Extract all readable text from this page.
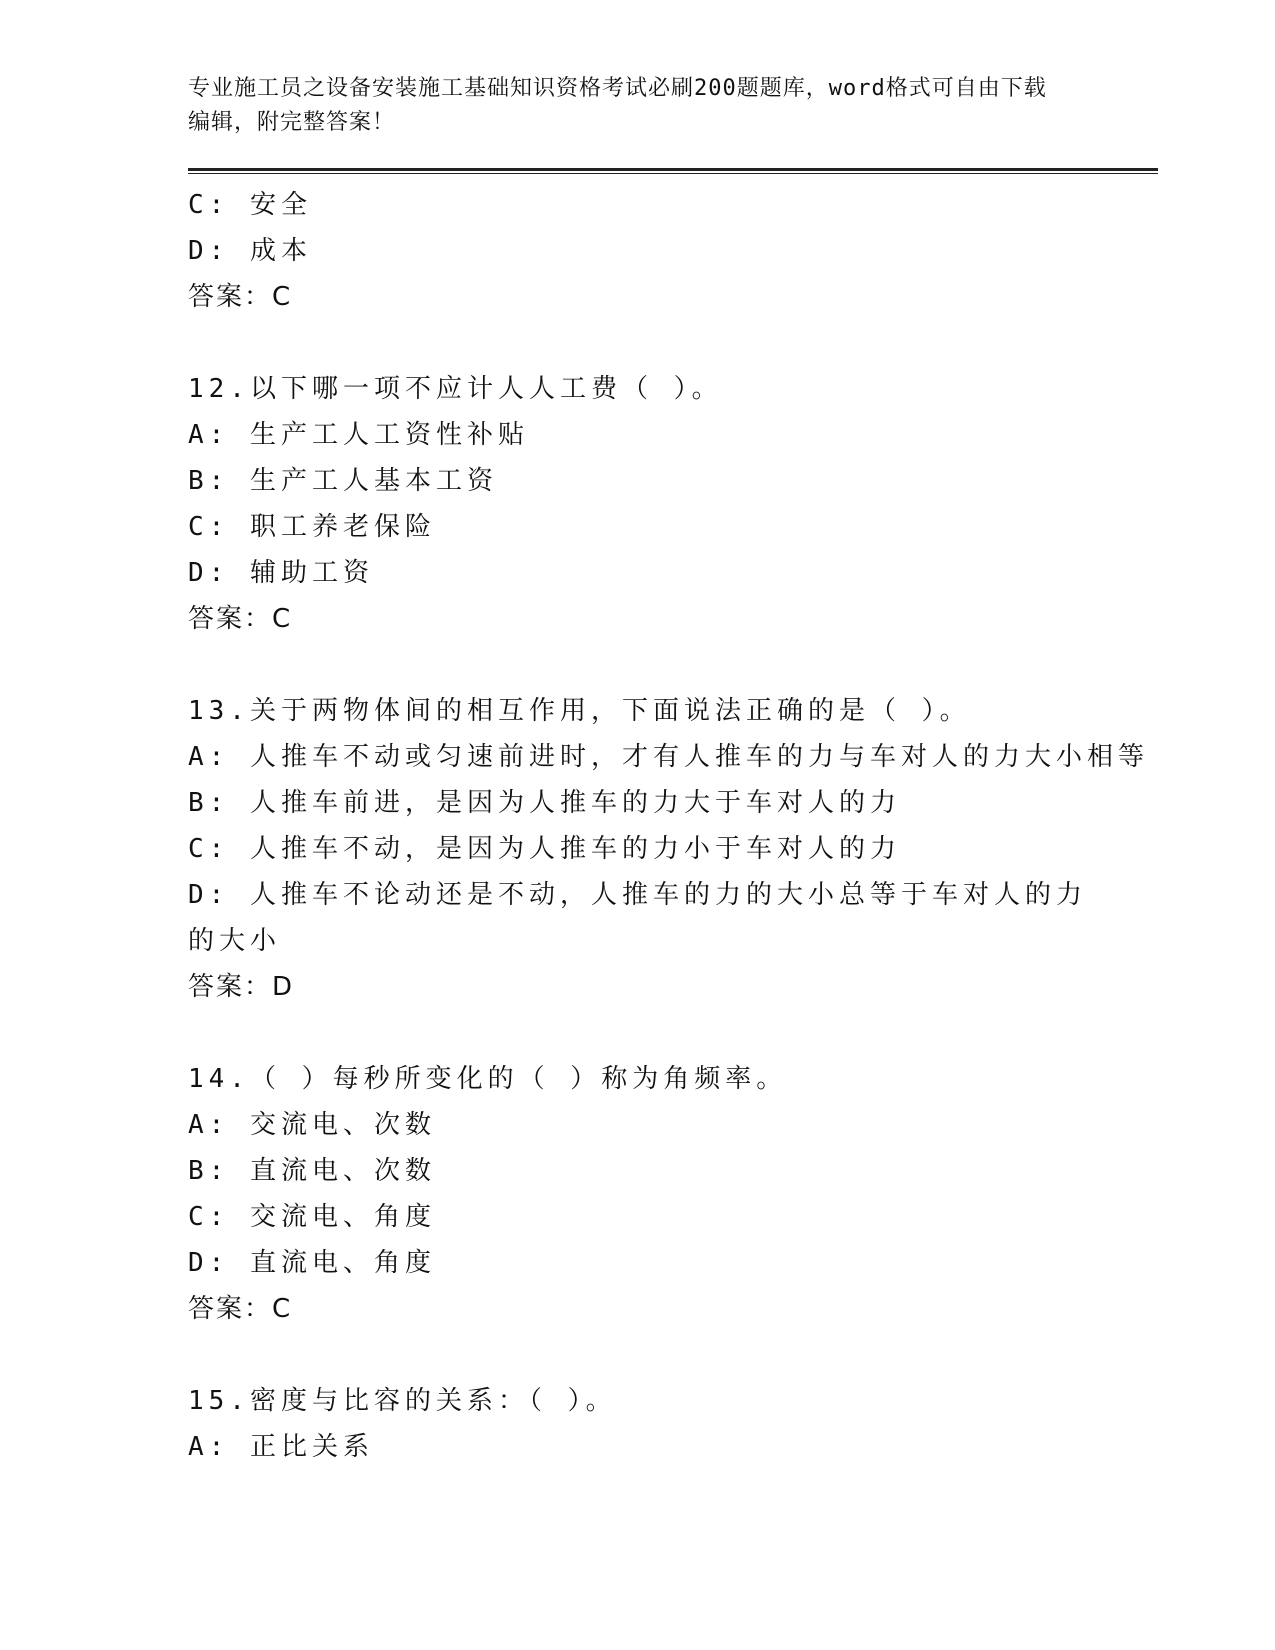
专业施工员之设备安装施工基础知识资格考试必刷200题题库，word格式可自由下载编辑，附完整答案！
C: 安全
D: 成本
答案：C
12.以下哪一项不应计人人工费（ ）。
A: 生产工人工资性补贴
B: 生产工人基本工资
C: 职工养老保险
D: 辅助工资
答案：C
13.关于两物体间的相互作用，下面说法正确的是（ ）。
A: 人推车不动或匀速前进时，才有人推车的力与车对人的力大小相等
B: 人推车前进，是因为人推车的力大于车对人的力
C: 人推车不动，是因为人推车的力小于车对人的力
D: 人推车不论动还是不动，人推车的力的大小总等于车对人的力的大小
答案：D
14.（ ）每秒所变化的（ ）称为角频率。
A: 交流电、次数
B: 直流电、次数
C: 交流电、角度
D: 直流电、角度
答案：C
15.密度与比容的关系：（ ）。
A: 正比关系
